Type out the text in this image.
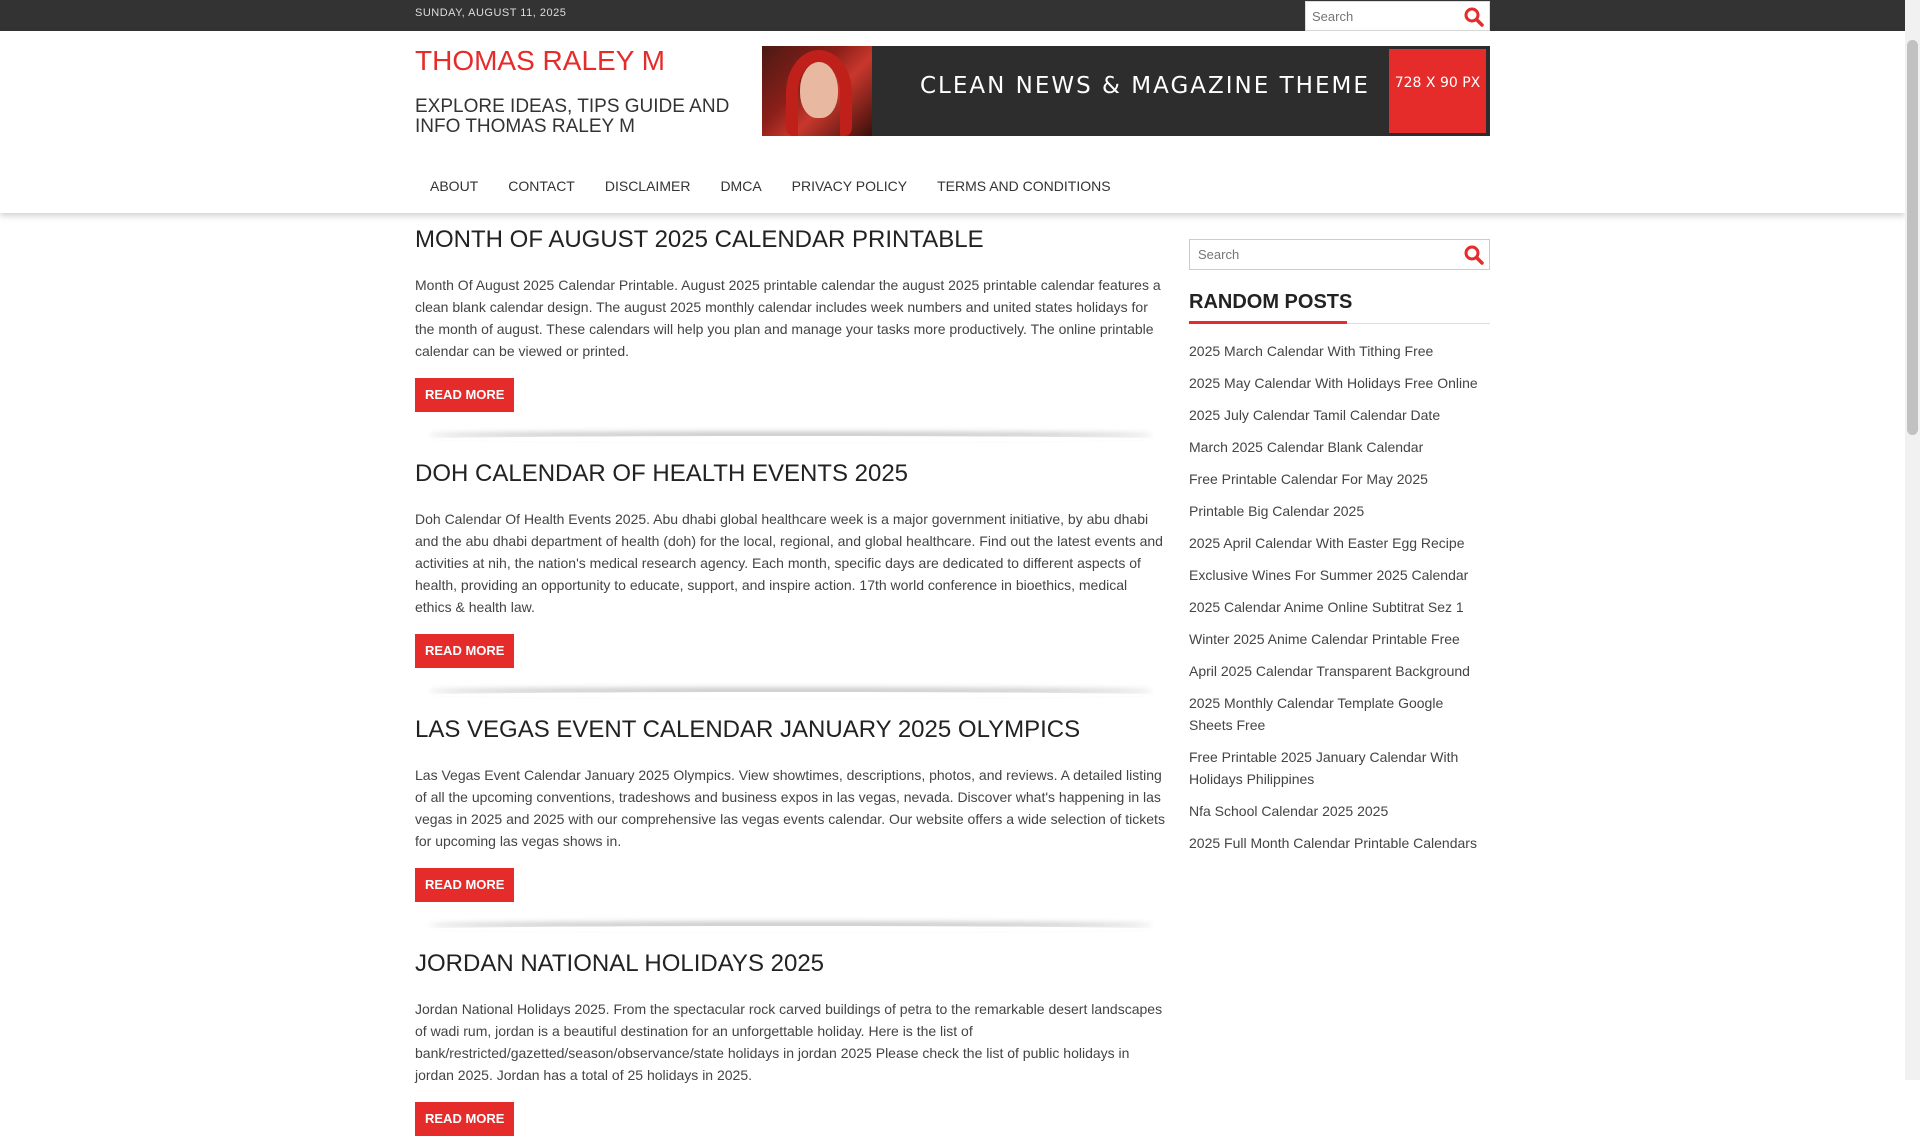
SUNDAY, AUGUST 11, 2025
Search
THOMAS RALEY M
EXPLORE IDEAS, TIPS GUIDE AND INFO THOMAS RALEY M
CLEAN NEWS & MAGAZINE THEME	728 X 90 PX
ABOUT	CONTACT	DISCLAIMER	DMCA	PRIVACY POLICY	TERMS AND CONDITIONS
MONTH OF AUGUST 2025 CALENDAR PRINTABLE

Month Of August 2025 Calendar Printable. August 2025 printable calendar the august 2025 printable calendar features a clean blank calendar design. The august 2025 monthly calendar includes week numbers and united states holidays for the month of august. These calendars will help you plan and manage your tasks more productively. The online printable calendar can be viewed or printed.

READ MORE
DOH CALENDAR OF HEALTH EVENTS 2025

Doh Calendar Of Health Events 2025. Abu dhabi global healthcare week is a major government initiative, by abu dhabi and the abu dhabi department of health (doh) for the local, regional, and global healthcare. Find out the latest events and activities at nih, the nation's medical research agency. Each month, specific days are dedicated to different aspects of health, providing an opportunity to educate, support, and inspire action. 17th world conference in bioethics, medical ethics & health law.

READ MORE
LAS VEGAS EVENT CALENDAR JANUARY 2025 OLYMPICS

Las Vegas Event Calendar January 2025 Olympics. View showtimes, descriptions, photos, and reviews. A detailed listing of all the upcoming conventions, tradeshows and business expos in las vegas, nevada. Discover what's happening in las vegas in 2025 and 2025 with our comprehensive las vegas events calendar. Our website offers a wide selection of tickets for upcoming las vegas shows in.

READ MORE
JORDAN NATIONAL HOLIDAYS 2025

Jordan National Holidays 2025. From the spectacular rock carved buildings of petra to the remarkable desert landscapes of wadi rum, jordan is a beautiful destination for an unforgettable holiday. Here is the list of bank/restricted/gazetted/season/observance/state holidays in jordan 2025 Please check the list of public holidays in jordan 2025. Jordan has a total of 25 holidays in 2025.

READ MORE
Search
RANDOM POSTS
2025 March Calendar With Tithing Free
2025 May Calendar With Holidays Free Online
2025 July Calendar Tamil Calendar Date
March 2025 Calendar Blank Calendar
Free Printable Calendar For May 2025
Printable Big Calendar 2025
2025 April Calendar With Easter Egg Recipe
Exclusive Wines For Summer 2025 Calendar
2025 Calendar Anime Online Subtitrat Sez 1
Winter 2025 Anime Calendar Printable Free
April 2025 Calendar Transparent Background
2025 Monthly Calendar Template Google Sheets Free
Free Printable 2025 January Calendar With Holidays Philippines
Nfa School Calendar 2025 2025
2025 Full Month Calendar Printable Calendars
